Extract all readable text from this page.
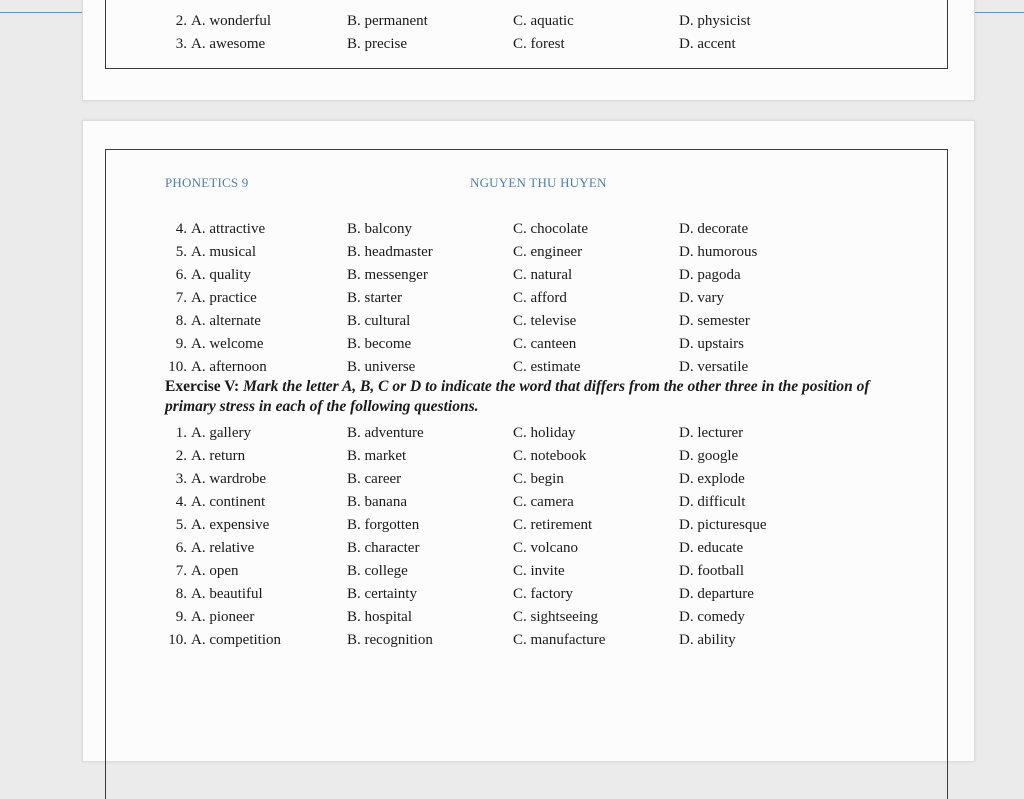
2. A. wonderful	B. permanent	C. aquatic	D. physicist
3. A. awesome	B. precise	C. forest	D. accent
PHONETICS 9	NGUYEN THU HUYEN
4. A. attractive	B. balcony	C. chocolate	D. decorate
5. A. musical	B. headmaster	C. engineer	D. humorous
6. A. quality	B. messenger	C. natural	D. pagoda
7. A. practice	B. starter	C. afford	D. vary
8. A. alternate	B. cultural	C. televise	D. semester
9. A. welcome	B. become	C. canteen	D. upstairs
10. A. afternoon	B. universe	C. estimate	D. versatile
Exercise V: Mark the letter A, B, C or D to indicate the word that differs from the other three in the position of primary stress in each of the following questions.
1. A. gallery	B. adventure	C. holiday	D. lecturer
2. A. return	B. market	C. notebook	D. google
3. A. wardrobe	B. career	C. begin	D. explode
4. A. continent	B. banana	C. camera	D. difficult
5. A. expensive	B. forgotten	C. retirement	D. picturesque
6. A. relative	B. character	C. volcano	D. educate
7. A. open	B. college	C. invite	D. football
8. A. beautiful	B. certainty	C. factory	D. departure
9. A. pioneer	B. hospital	C. sightseeing	D. comedy
10. A. competition	B. recognition	C. manufacture	D. ability
